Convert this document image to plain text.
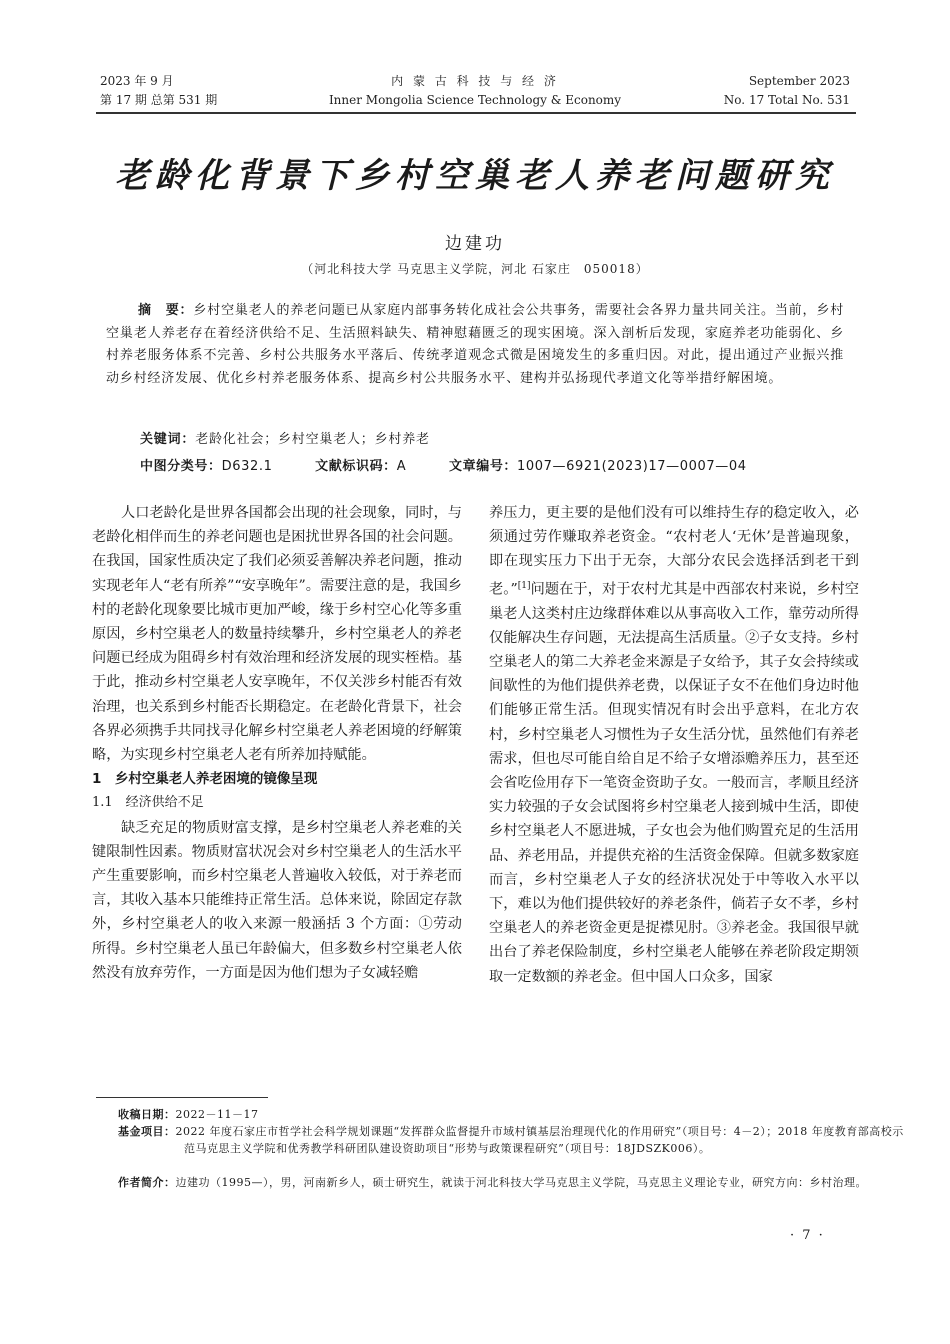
2023 年 9 月
第 17 期 总第 531 期
内 蒙 古 科 技 与 经 济
Inner Mongolia Science Technology & Economy
September 2023
No. 17 Total No. 531
老龄化背景下乡村空巢老人养老问题研究
边建功
（河北科技大学 马克思主义学院，河北 石家庄　050018）

摘　要：乡村空巢老人的养老问题已从家庭内部事务转化成社会公共事务，需要社会各界力量共同关注。当前，乡村空巢老人养老存在着经济供给不足、生活照料缺失、精神慰藉匮乏的现实困境。深入剖析后发现，家庭养老功能弱化、乡村养老服务体系不完善、乡村公共服务水平落后、传统孝道观念式微是困境发生的多重归因。对此，提出通过产业振兴推动乡村经济发展、优化乡村养老服务体系、提高乡村公共服务水平、建构并弘扬现代孝道文化等举措纾解困境。

关键词：老龄化社会；乡村空巢老人；乡村养老
中图分类号：D632.1	文献标识码：A	文章编号：1007—6921(2023)17—0007—04

人口老龄化是世界各国都会出现的社会现象，同时，与老龄化相伴而生的养老问题也是困扰世界各国的社会问题。在我国，国家性质决定了我们必须妥善解决养老问题，推动实现老年人“老有所养”“安享晚年”。需要注意的是，我国乡村的老龄化现象要比城市更加严峻，缘于乡村空心化等多重原因，乡村空巢老人的数量持续攀升，乡村空巢老人的养老问题已经成为阻碍乡村有效治理和经济发展的现实桎梏。基于此，推动乡村空巢老人安享晚年，不仅关涉乡村能否有效治理，也关系到乡村能否长期稳定。在老龄化背景下，社会各界必须携手共同找寻化解乡村空巢老人养老困境的纾解策略，为实现乡村空巢老人老有所养加持赋能。

1　乡村空巢老人养老困境的镜像呈现

1.1　经济供给不足

缺乏充足的物质财富支撑，是乡村空巢老人养老难的关键限制性因素。物质财富状况会对乡村空巢老人的生活水平产生重要影响，而乡村空巢老人普遍收入较低，对于养老而言，其收入基本只能维持正常生活。总体来说，除固定存款外，乡村空巢老人的收入来源一般涵括 3 个方面：①劳动所得。乡村空巢老人虽已年龄偏大，但多数乡村空巢老人依然没有放弃劳作，一方面是因为他们想为子女减轻赡

养压力，更主要的是他们没有可以维持生存的稳定收入，必须通过劳作赚取养老资金。“农村老人‘无休’是普遍现象，即在现实压力下出于无奈，大部分农民会选择活到老干到老。”[1]问题在于，对于农村尤其是中西部农村来说，乡村空巢老人这类村庄边缘群体难以从事高收入工作，靠劳动所得仅能解决生存问题，无法提高生活质量。②子女支持。乡村空巢老人的第二大养老金来源是子女给予，其子女会持续或间歇性的为他们提供养老费，以保证子女不在他们身边时他们能够正常生活。但现实情况有时会出乎意料，在北方农村，乡村空巢老人习惯性为子女生活分忧，虽然他们有养老需求，但也尽可能自给自足不给子女增添赡养压力，甚至还会省吃俭用存下一笔资金资助子女。一般而言，孝顺且经济实力较强的子女会试图将乡村空巢老人接到城中生活，即使乡村空巢老人不愿进城，子女也会为他们购置充足的生活用品、养老用品，并提供充裕的生活资金保障。但就多数家庭而言，乡村空巢老人子女的经济状况处于中等收入水平以下，难以为他们提供较好的养老条件，倘若子女不孝，乡村空巢老人的养老资金更是捉襟见肘。③养老金。我国很早就出台了养老保险制度，乡村空巢老人能够在养老阶段定期领取一定数额的养老金。但中国人口众多，国家

收稿日期：2022－11－17
基金项目：2022 年度石家庄市哲学社会科学规划课题“发挥群众监督提升市域村镇基层治理现代化的作用研究”（项目号：4－2）；2018 年度教育部高校示范马克思主义学院和优秀教学科研团队建设资助项目“形势与政策课程研究”（项目号：18JDSZK006）。
作者简介：边建功（1995—），男，河南新乡人，硕士研究生，就读于河北科技大学马克思主义学院，马克思主义理论专业，研究方向：乡村治理。
· 7 ·
